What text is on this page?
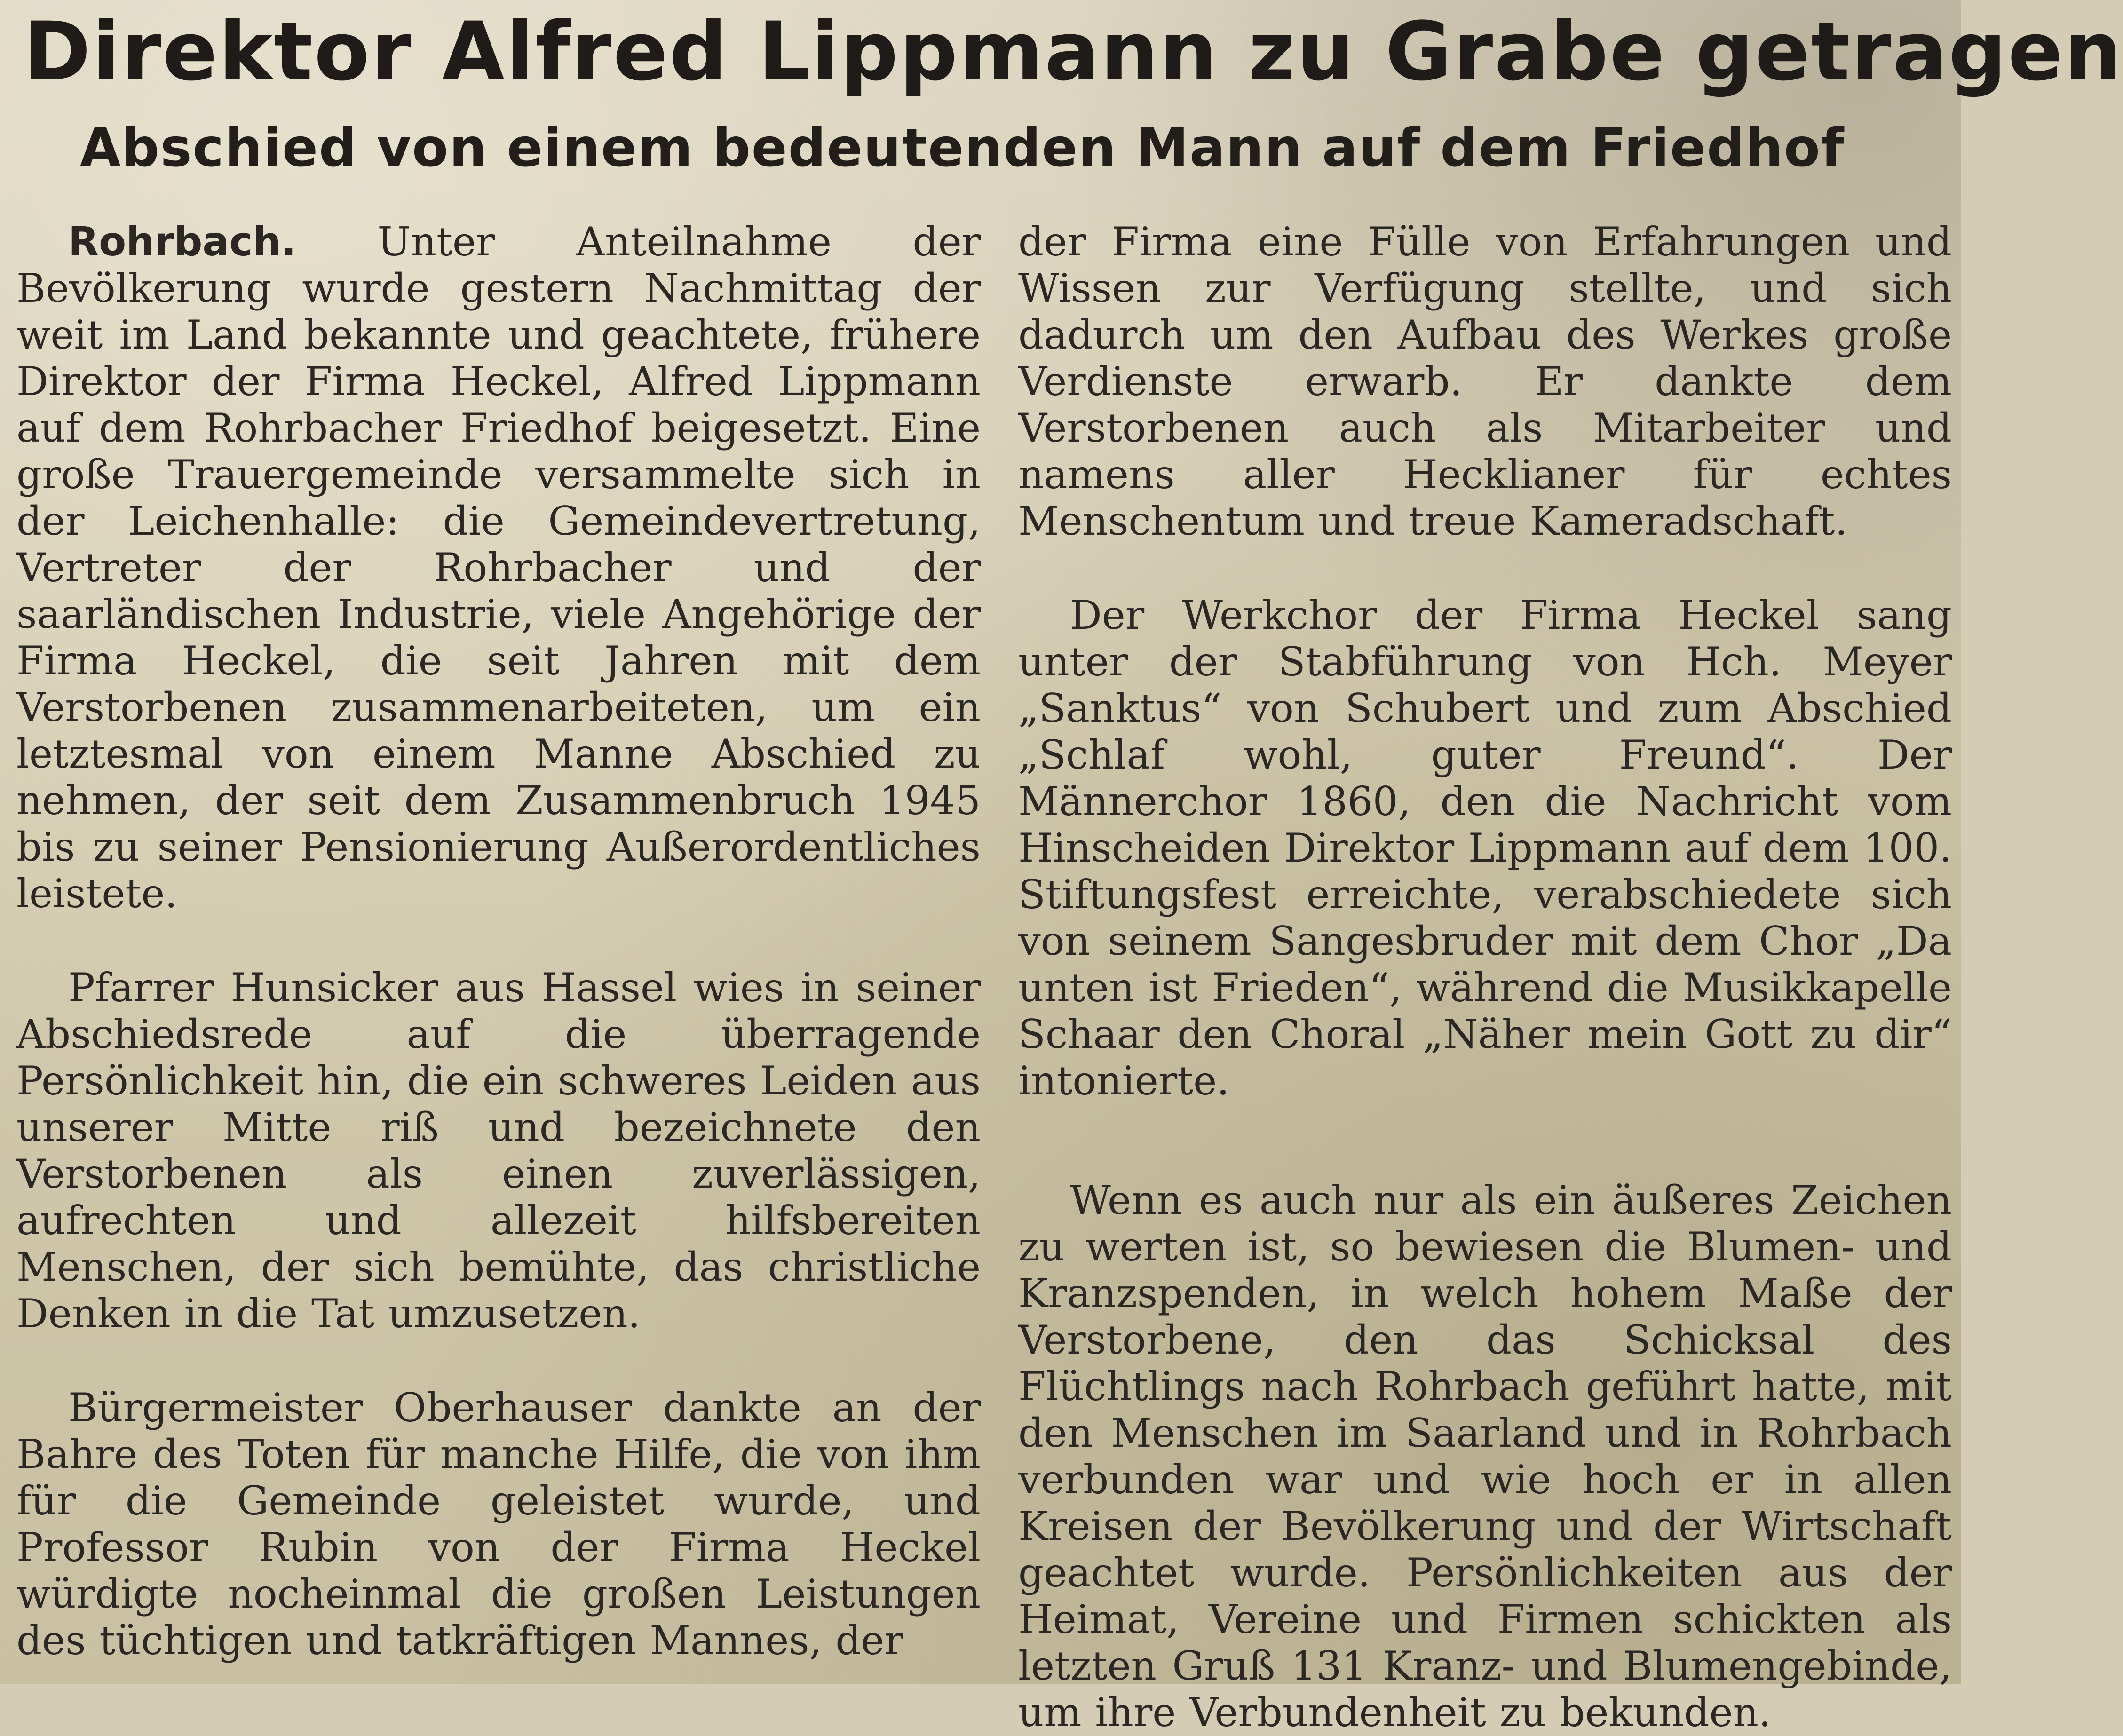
Direktor Alfred Lippmann zu Grabe getragen
Abschied von einem bedeutenden Mann auf dem Friedhof

Rohrbach. Unter Anteilnahme der Bevölkerung wurde gestern Nachmittag der weit im Land bekannte und geachtete, frühere Direktor der Firma Heckel, Alfred Lippmann auf dem Rohrbacher Friedhof beigesetzt. Eine große Trauergemeinde versammelte sich in der Leichenhalle: die Gemeindevertretung, Vertreter der Rohrbacher und der saarländischen Industrie, viele Angehörige der Firma Heckel, die seit Jahren mit dem Verstorbenen zusammenarbeiteten, um ein letztesmal von einem Manne Abschied zu nehmen, der seit dem Zusammenbruch 1945 bis zu seiner Pensionierung Außerordentliches leistete.

Pfarrer Hunsicker aus Hassel wies in seiner Abschiedsrede auf die überragende Persönlichkeit hin, die ein schweres Leiden aus unserer Mitte riß und bezeichnete den Verstorbenen als einen zuverlässigen, aufrechten und allezeit hilfsbereiten Menschen, der sich bemühte, das christliche Denken in die Tat umzusetzen.

Bürgermeister Oberhauser dankte an der Bahre des Toten für manche Hilfe, die von ihm für die Gemeinde geleistet wurde, und Professor Rubin von der Firma Heckel würdigte nocheinmal die großen Leistungen des tüchtigen und tatkräftigen Mannes, der

der Firma eine Fülle von Erfahrungen und Wissen zur Verfügung stellte, und sich dadurch um den Aufbau des Werkes große Verdienste erwarb. Er dankte dem Verstorbenen auch als Mitarbeiter und namens aller Hecklianer für echtes Menschentum und treue Kameradschaft.

Der Werkchor der Firma Heckel sang unter der Stabführung von Hch. Meyer „Sanktus“ von Schubert und zum Abschied „Schlaf wohl, guter Freund“. Der Männerchor 1860, den die Nachricht vom Hinscheiden Direktor Lippmann auf dem 100. Stiftungsfest erreichte, verabschiedete sich von seinem Sangesbruder mit dem Chor „Da unten ist Frieden“, während die Musikkapelle Schaar den Choral „Näher mein Gott zu dir“ intonierte.

Wenn es auch nur als ein äußeres Zeichen zu werten ist, so bewiesen die Blumen- und Kranzspenden, in welch hohem Maße der Verstorbene, den das Schicksal des Flüchtlings nach Rohrbach geführt hatte, mit den Menschen im Saarland und in Rohrbach verbunden war und wie hoch er in allen Kreisen der Bevölkerung und der Wirtschaft geachtet wurde. Persönlichkeiten aus der Heimat, Vereine und Firmen schickten als letzten Gruß 131 Kranz- und Blumengebinde, um ihre Verbundenheit zu bekunden.
